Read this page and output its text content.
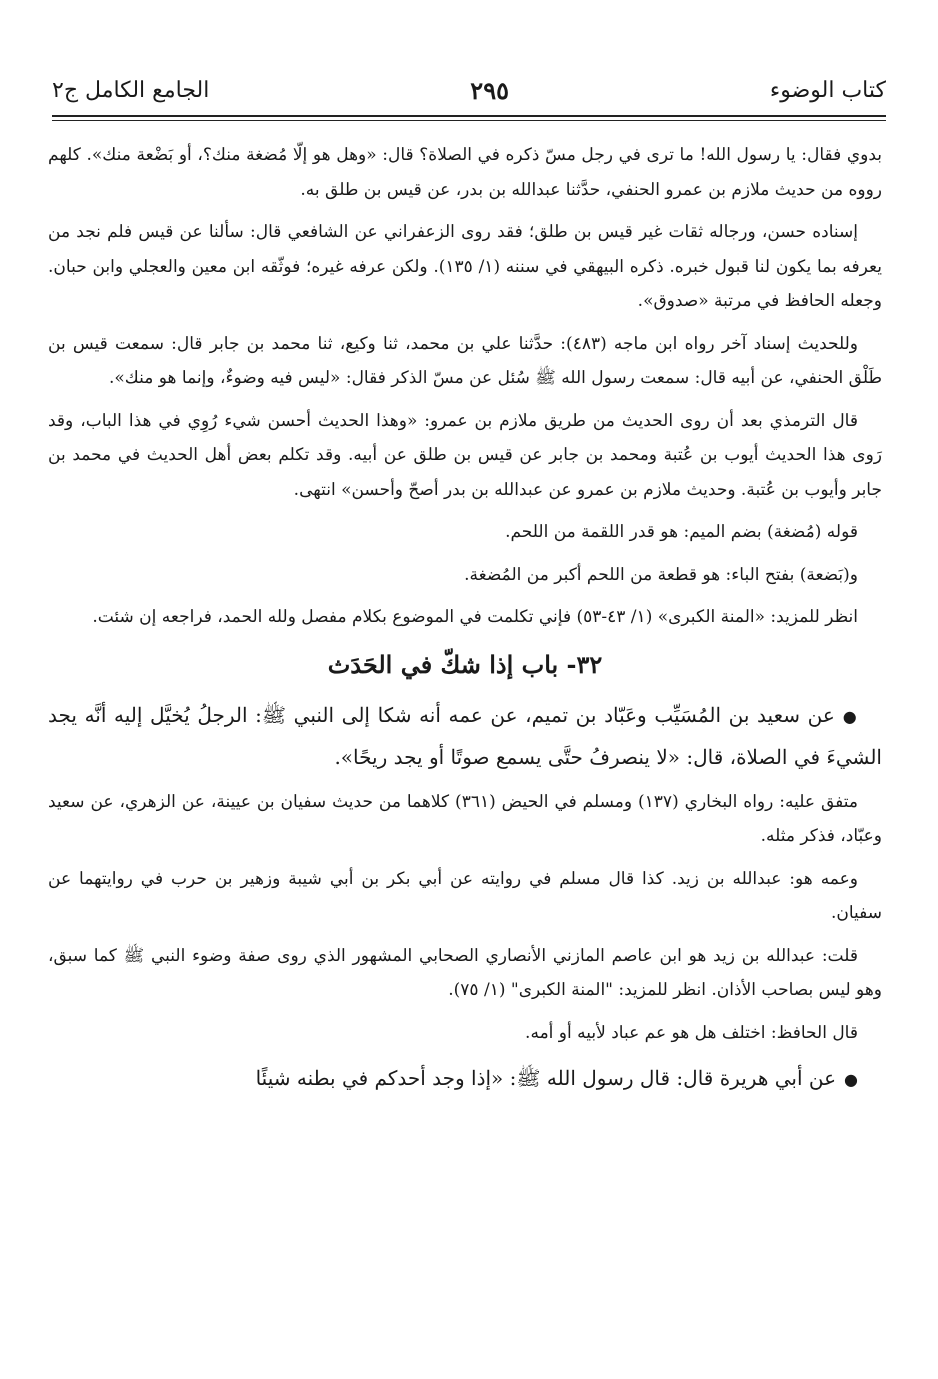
كتاب الوضوء
٢٩٥
الجامع الكامل ج٢

بدوي فقال: يا رسول الله! ما ترى في رجل مسّ ذكره في الصلاة؟ قال: «وهل هو إلّا مُضغة منك؟، أو بَضْعة منك». كلهم رووه من حديث ملازم بن عمرو الحنفي، حدَّثنا عبدالله بن بدر، عن قيس بن طلق به.

إسناده حسن، ورجاله ثقات غير قيس بن طلق؛ فقد روى الزعفراني عن الشافعي قال: سألنا عن قيس فلم نجد من يعرفه بما يكون لنا قبول خبره. ذكره البيهقي في سننه (١/ ١٣٥). ولكن عرفه غيره؛ فوثّقه ابن معين والعجلي وابن حبان. وجعله الحافظ في مرتبة «صدوق».

وللحديث إسناد آخر رواه ابن ماجه (٤٨٣): حدَّثنا علي بن محمد، ثنا وكيع، ثنا محمد بن جابر قال: سمعت قيس بن طَلْق الحنفي، عن أبيه قال: سمعت رسول الله ﷺ سُئل عن مسّ الذكر فقال: «ليس فيه وضوءٌ، وإنما هو منك».

قال الترمذي بعد أن روى الحديث من طريق ملازم بن عمرو: «وهذا الحديث أحسن شيء رُوِي في هذا الباب، وقد رَوى هذا الحديث أيوب بن عُتبة ومحمد بن جابر عن قيس بن طلق عن أبيه. وقد تكلم بعض أهل الحديث في محمد بن جابر وأيوب بن عُتبة. وحديث ملازم بن عمرو عن عبدالله بن بدر أصحّ وأحسن» انتهى.

قوله (مُضغة) بضم الميم: هو قدر اللقمة من اللحم.

و(بَضعة) بفتح الباء: هو قطعة من اللحم أكبر من المُضغة.

انظر للمزيد: «المنة الكبرى» (١/ ٤٣-٥٣) فإني تكلمت في الموضوع بكلام مفصل ولله الحمد، فراجعه إن شئت.

٣٢- باب إذا شكّ في الحَدَث

●عن سعيد بن المُسَيِّب وعَبّاد بن تميم، عن عمه أنه شكا إلى النبي ﷺ: الرجلُ يُخيَّل إليه أنَّه يجد الشيءَ في الصلاة، قال: «لا ينصرفُ حتَّى يسمع صوتًا أو يجد ريحًا».

متفق عليه: رواه البخاري (١٣٧) ومسلم في الحيض (٣٦١) كلاهما من حديث سفيان بن عيينة، عن الزهري، عن سعيد وعبّاد، فذكر مثله.

وعمه هو: عبدالله بن زيد. كذا قال مسلم في روايته عن أبي بكر بن أبي شيبة وزهير بن حرب في روايتهما عن سفيان.

قلت: عبدالله بن زيد هو ابن عاصم المازني الأنصاري الصحابي المشهور الذي روى صفة وضوء النبي ﷺ كما سبق، وهو ليس بصاحب الأذان. انظر للمزيد: "المنة الكبرى" (١/ ٧٥).

قال الحافظ: اختلف هل هو عم عباد لأبيه أو أمه.

●عن أبي هريرة قال: قال رسول الله ﷺ: «إذا وجد أحدكم في بطنه شيئًا
